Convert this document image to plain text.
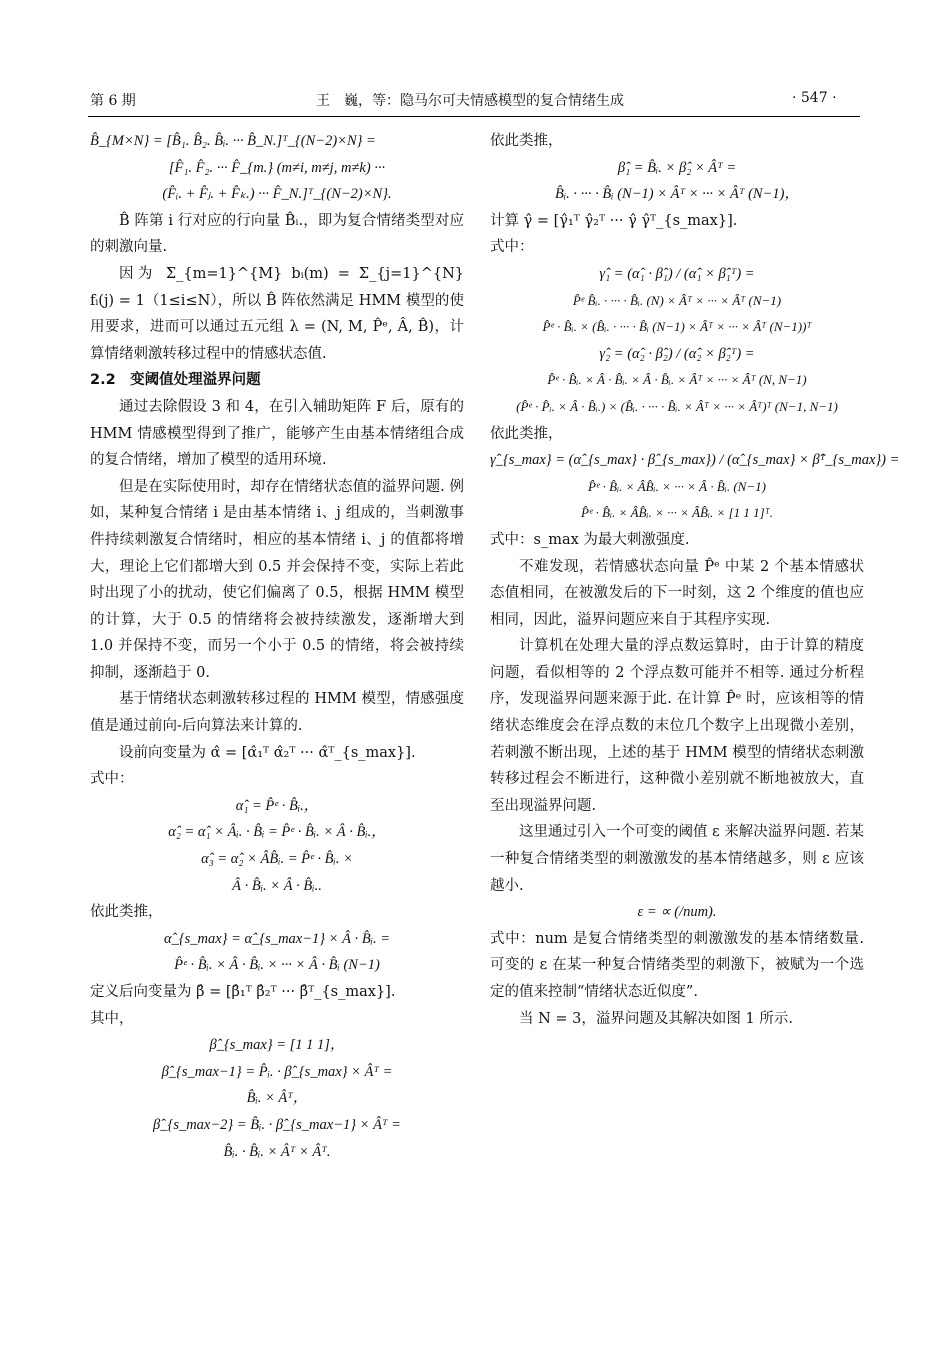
第 6 期	王　巍，等：隐马尔可夫情感模型的复合情绪生成	· 547 ·
B̂_{M×N} = [B̂₁. B̂₂. B̂ᵢ. ··· B̂_N.]ᵀ_{(N−2)×N} =
[F̂₁. F̂₂. ··· F̂_{m.} (m≠i, m≠j, m≠k) ···
(F̂ᵢ. + F̂ⱼ. + F̂ₖ.) ··· F̂_N.]ᵀ_{(N−2)×N}.

B̂ 阵第 i 行对应的行向量 B̂ᵢ.，即为复合情绪类型对应的刺激向量.

因为 Σ_{m=1}^{M} bᵢ(m) = Σ_{j=1}^{N} fᵢ(j) = 1（1≤i≤N），所以 B̂ 阵依然满足 HMM 模型的使用要求，进而可以通过五元组 λ = (N, M, P̂ᵉ, Â, B̂)，计算情绪刺激转移过程中的情感状态值.

2.2　变阈值处理溢界问题

通过去除假设 3 和 4，在引入辅助矩阵 F 后，原有的 HMM 情感模型得到了推广，能够产生由基本情绪组合成的复合情绪，增加了模型的适用环境.

但是在实际使用时，却存在情绪状态值的溢界问题. 例如，某种复合情绪 i 是由基本情绪 i、j 组成的，当刺激事件持续刺激复合情绪时，相应的基本情绪 i、j 的值都将增大，理论上它们都增大到 0.5 并会保持不变，实际上若此时出现了小的扰动，使它们偏离了 0.5，根据 HMM 模型的计算，大于 0.5 的情绪将会被持续激发，逐渐增大到 1.0 并保持不变，而另一个小于 0.5 的情绪，将会被持续抑制，逐渐趋于 0.

基于情绪状态刺激转移过程的 HMM 模型，情感强度值是通过前向-后向算法来计算的.

设前向变量为 α̂ = [α̂₁ᵀ α̂₂ᵀ ··· α̂ᵀ_{s_max}].

式中：

α̂₁ = P̂ᵉ · B̂ᵢ.，
α̂₂ = α̂₁ × Âᵢ. · B̂ᵢ = P̂ᵉ · B̂ᵢ. × Â · B̂ᵢ.，
α̂₃ = α̂₂ × ÂB̂ᵢ. = P̂ᵉ · B̂ᵢ. ×
Â · B̂ᵢ. × Â · B̂ᵢ..

依此类推，

α̂_{s_max} = α̂_{s_max−1} × Â · B̂ᵢ. =
P̂ᵉ · B̂ᵢ. × Â · B̂ᵢ. × ··· × Â · B̂ᵢ (N−1)

定义后向变量为 β̂ = [β̂₁ᵀ β̂₂ᵀ ··· β̂ᵀ_{s_max}].

其中，

β̂_{s_max} = [1 1 1]，
β̂_{s_max−1} = P̂ᵢ. · β̂_{s_max} × Âᵀ =
B̂ᵢ. × Âᵀ，
β̂_{s_max−2} = B̂ᵢ. · β̂_{s_max−1} × Âᵀ =
B̂ᵢ. · B̂ᵢ. × Âᵀ × Âᵀ.

依此类推，

β̂₁ = B̂ᵢ. × β̂₂ × Âᵀ =
B̂ᵢ. · ··· · B̂ᵢ (N−1) × Âᵀ × ··· × Âᵀ (N−1)，

计算 γ̂ = [γ̂₁ᵀ γ̂₂ᵀ ··· γ̂ γ̂ᵀ_{s_max}].

式中：

γ̂₁ = (α̂₁ · β̂₁) / (α̂₁ × β̂₁ᵀ) =
P̂ᵉ B̂ᵢ. · ··· · B̂ᵢ. (N) × Âᵀ × ··· × Âᵀ (N−1)
P̂ᵉ · B̂ᵢ. × (B̂ᵢ. · ··· · B̂ᵢ (N−1) × Âᵀ × ··· × Âᵀ (N−1))ᵀ
γ̂₂ = (α̂₂ · β̂₂) / (α̂₂ × β̂₂ᵀ) =
P̂ᵉ · B̂ᵢ. × Â · B̂ᵢ. × Â · B̂ᵢ. × Âᵀ × ··· × Âᵀ (N, N−1)
(P̂ᵉ · P̂ᵢ. × Â · B̂ᵢ.) × (B̂ᵢ. · ··· · B̂ᵢ. × Âᵀ × ··· × Âᵀ)ᵀ (N−1, N−1)

依此类推，

γ̂_{s_max} = (α̂_{s_max} · β̂_{s_max}) / (α̂_{s_max} × β̂ᵀ_{s_max}) =
P̂ᵉ · B̂ᵢ. × ÂB̂ᵢ. × ··· × Â · B̂ᵢ. (N−1)
P̂ᵉ · B̂ᵢ. × ÂB̂ᵢ. × ··· × ÂB̂ᵢ. × [1 1 1]ᵀ.

式中：s_max 为最大刺激强度.

不难发现，若情感状态向量 P̂ᵉ 中某 2 个基本情感状态值相同，在被激发后的下一时刻，这 2 个维度的值也应相同，因此，溢界问题应来自于其程序实现.

计算机在处理大量的浮点数运算时，由于计算的精度问题，看似相等的 2 个浮点数可能并不相等. 通过分析程序，发现溢界问题来源于此. 在计算 P̂ᵉ 时，应该相等的情绪状态维度会在浮点数的末位几个数字上出现微小差别，若刺激不断出现，上述的基于 HMM 模型的情绪状态刺激转移过程会不断进行，这种微小差别就不断地被放大，直至出现溢界问题.

这里通过引入一个可变的阈值 ε 来解决溢界问题. 若某一种复合情绪类型的刺激激发的基本情绪越多，则 ε 应该越小.

ε = ∝ (/num).

式中：num 是复合情绪类型的刺激激发的基本情绪数量. 可变的 ε 在某一种复合情绪类型的刺激下，被赋为一个选定的值来控制“情绪状态近似度”.

当 N = 3，溢界问题及其解决如图 1 所示.
